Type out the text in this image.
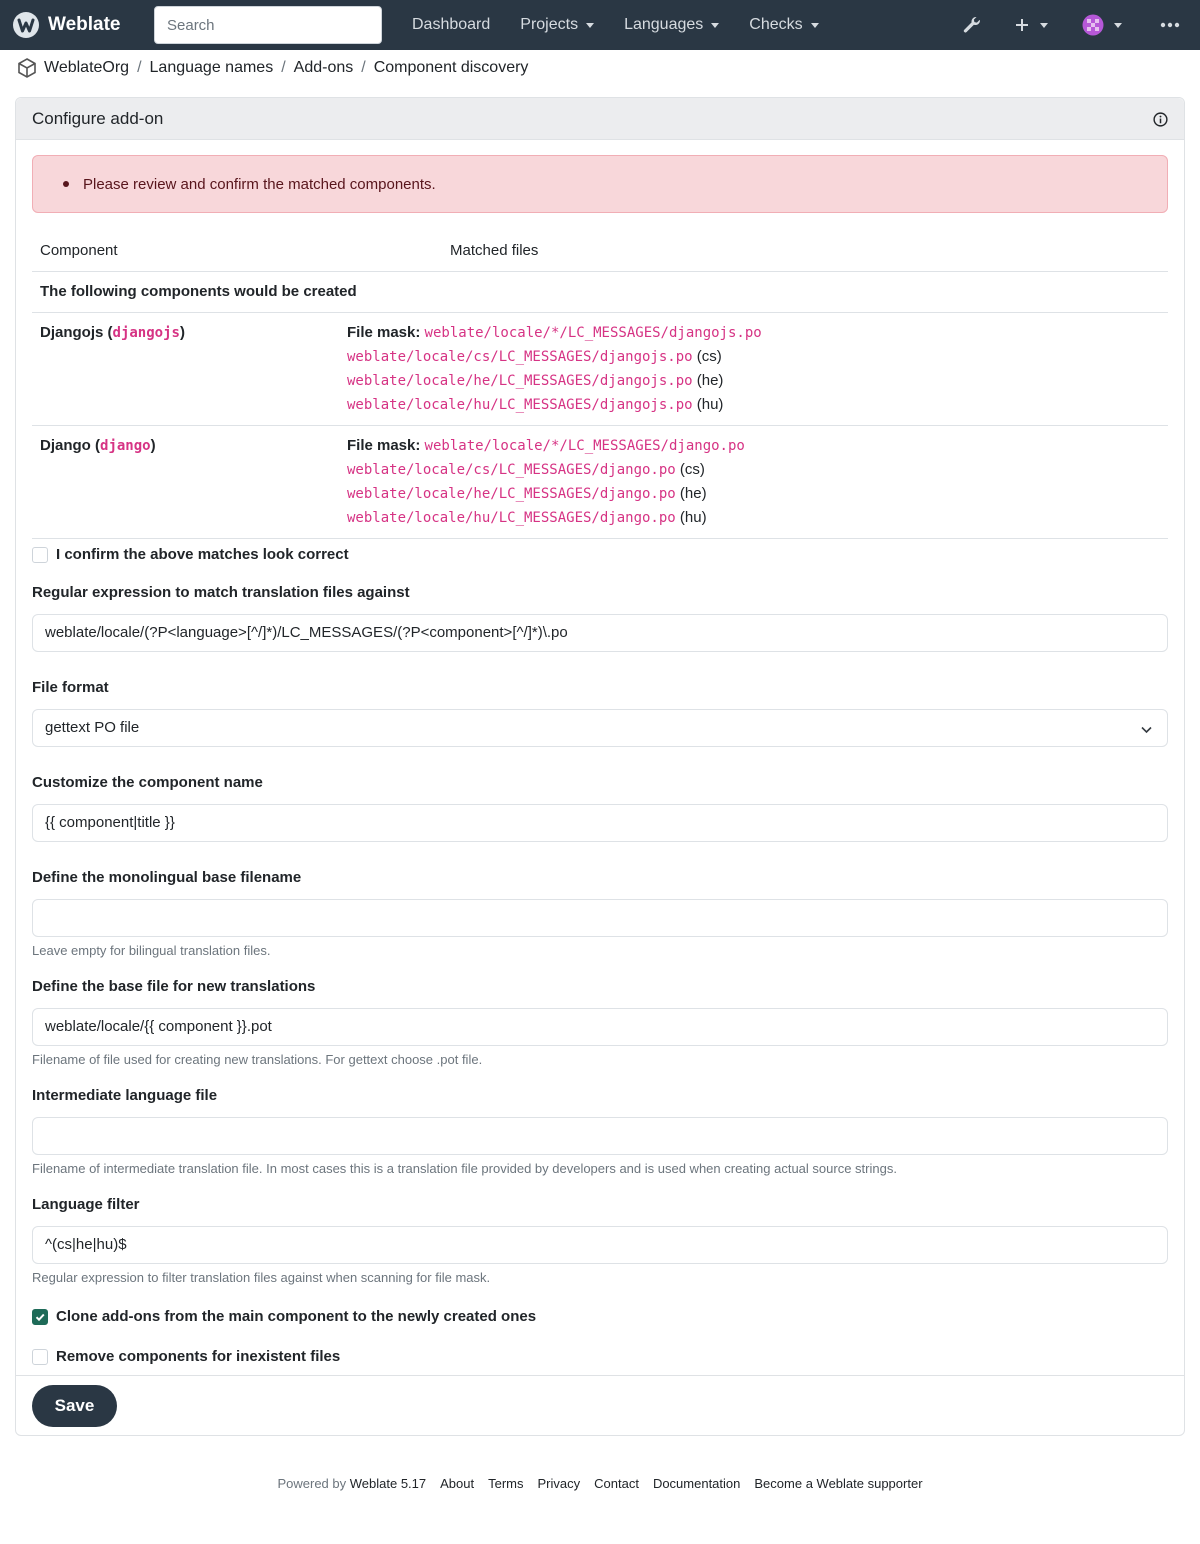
Weblate	Search	Dashboard Projects	Languages	Checks
WeblateOrg / Language names / Add-ons / Component discovery
Configure add-on
Please review and confirm the matched components.
Component	Matched files
The following components would be created

Djangojs (djangojs)	File mask: weblate/locale/*/LC_MESSAGES/djangojs.po
weblate/locale/cs/LC_MESSAGES/djangojs.po (cs)
weblate/locale/he/LC_MESSAGES/djangojs.po (he)
weblate/locale/hu/LC_MESSAGES/djangojs.po (hu)

Django (django)	File mask: weblate/locale/*/LC_MESSAGES/django.po
weblate/locale/cs/LC_MESSAGES/django.po (cs)
weblate/locale/he/LC_MESSAGES/django.po (he)
weblate/locale/hu/LC_MESSAGES/django.po (hu)
I confirm the above matches look correct
Regular expression to match translation files against
weblate/locale/(?P<language>[^/]*)/LC_MESSAGES/(?P<component>[^/]*)\.po
File format
gettext PO file
Customize the component name
{{ component|title }}
Define the monolingual base filename
Leave empty for bilingual translation files.
Define the base file for new translations
weblate/locale/{{ component }}.pot
Filename of file used for creating new translations. For gettext choose .pot file.
Intermediate language file
Filename of intermediate translation file. In most cases this is a translation file provided by developers and is used when creating actual source strings.
Language filter
^(cs|he|hu)$
Regular expression to filter translation files against when scanning for file mask.
Clone add-ons from the main component to the newly created ones
Remove components for inexistent files
Save
Powered by Weblate 5.17 About Terms Privacy Contact Documentation Become a Weblate supporter
